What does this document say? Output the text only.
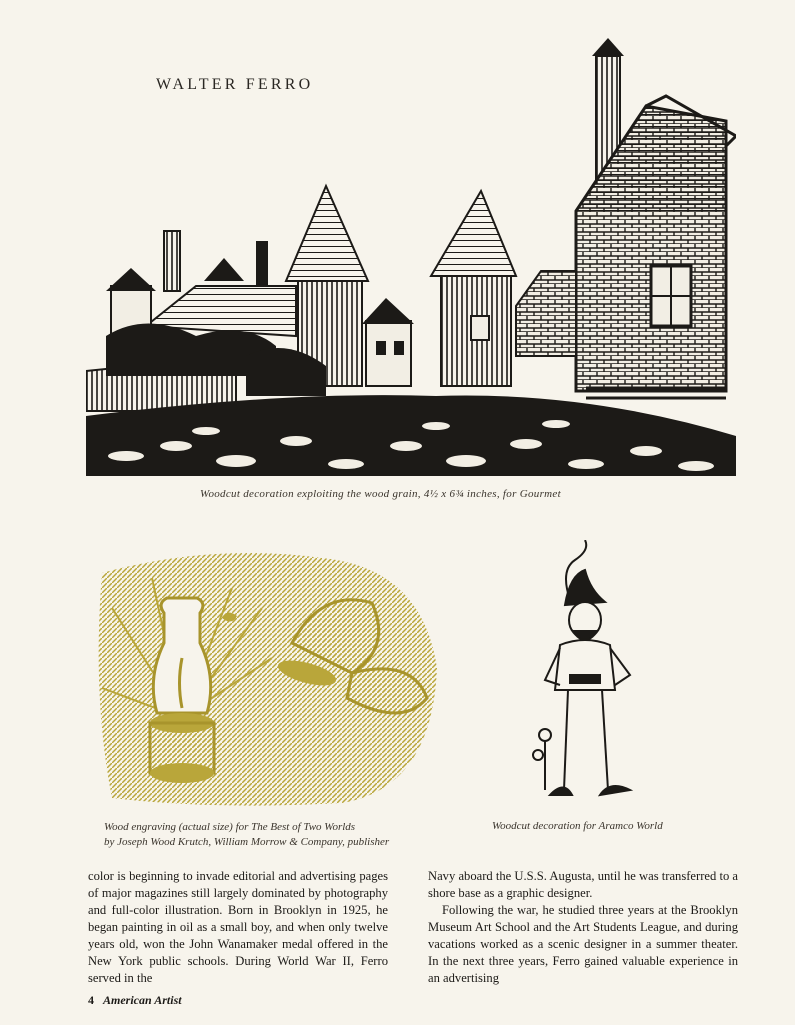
WALTER FERRO
Woodcut decoration exploiting the wood grain, 4½ x 6¾ inches, for Gourmet
Wood engraving (actual size) for The Best of Two Worlds
by Joseph Wood Krutch, William Morrow & Company, publisher
Woodcut decoration for Aramco World

color is beginning to invade editorial and advertising pages of major magazines still largely dominated by photography and full-color illustration. Born in Brooklyn in 1925, he began painting in oil as a small boy, and when only twelve years old, won the John Wanamaker medal offered in the New York public schools. During World War II, Ferro served in the

Navy aboard the U.S.S. Augusta, until he was transferred to a shore base as a graphic designer.

Following the war, he studied three years at the Brooklyn Museum Art School and the Art Students League, and during vacations worked as a scenic designer in a summer theater. In the next three years, Ferro gained valuable experience in an advertising

4 American Artist
